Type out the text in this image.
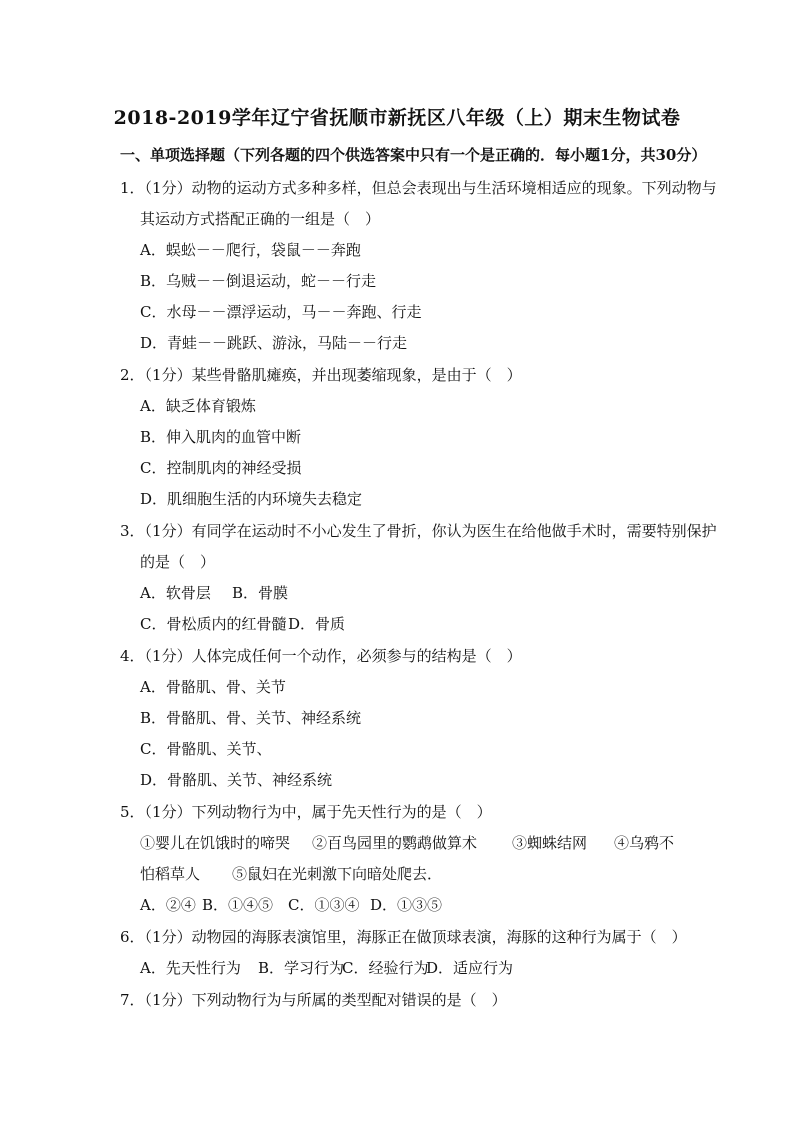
2018-2019学年辽宁省抚顺市新抚区八年级（上）期末生物试卷
一、单项选择题（下列各题的四个供选答案中只有一个是正确的．每小题1分，共30分）
1．（1分）动物的运动方式多种多样，但总会表现出与生活环境相适应的现象。下列动物与
其运动方式搭配正确的一组是（　）
A．蜈蚣－－爬行，袋鼠－－奔跑
B．乌贼－－倒退运动，蛇－－行走
C．水母－－漂浮运动，马－－奔跑、行走
D．青蛙－－跳跃、游泳，马陆－－行走
2．（1分）某些骨骼肌瘫痪，并出现萎缩现象，是由于（　）
A．缺乏体育锻炼
B．伸入肌肉的血管中断
C．控制肌肉的神经受损
D．肌细胞生活的内环境失去稳定
3．（1分）有同学在运动时不小心发生了骨折，你认为医生在给他做手术时，需要特别保护
的是（　）
A．软骨层 B．骨膜
C．骨松质内的红骨髓 D．骨质
4．（1分）人体完成任何一个动作，必须参与的结构是（　）
A．骨骼肌、骨、关节
B．骨骼肌、骨、关节、神经系统
C．骨骼肌、关节、
D．骨骼肌、关节、神经系统
5．（1分）下列动物行为中，属于先天性行为的是（　）
①婴儿在饥饿时的啼哭 ②百鸟园里的鹦鹉做算术 ③蜘蛛结网 ④乌鸦不
怕稻草人 ⑤鼠妇在光刺激下向暗处爬去．
A．②④ B．①④⑤ C．①③④ D．①③⑤
6．（1分）动物园的海豚表演馆里，海豚正在做顶球表演，海豚的这种行为属于（　）
A．先天性行为 B．学习行为
C．经验行为
D．适应行为
7．（1分）下列动物行为与所属的类型配对错误的是（　）
